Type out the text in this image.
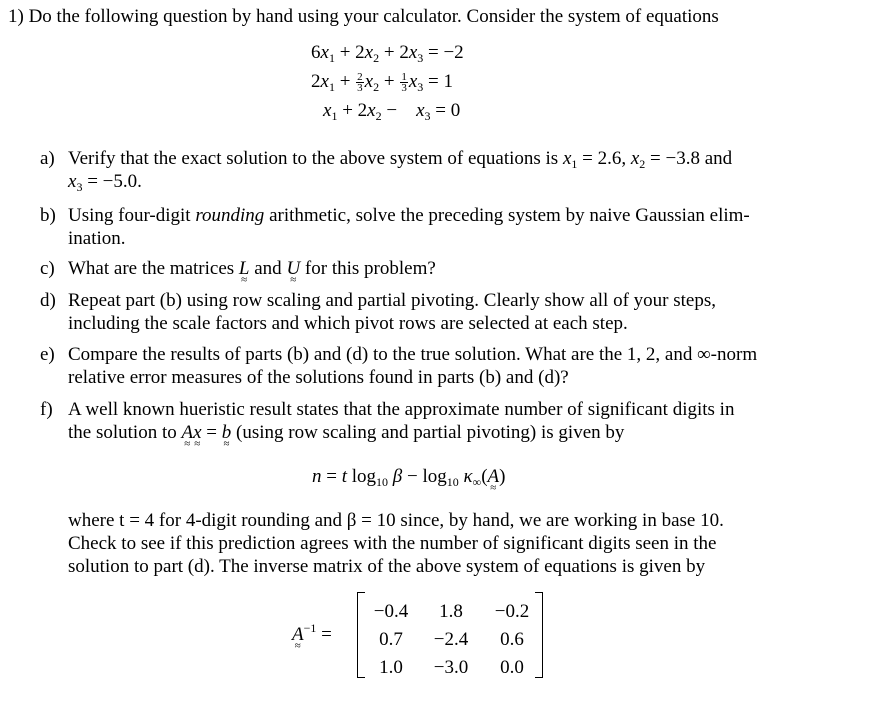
1) Do the following question by hand using your calculator. Consider the system of equations
$6x_1 + 2x_2 + 2x_3 = -2$
$2x_1 + \frac{2}{3} x_2 + \frac{1}{3} x_3 = 1$
$x_1 + 2x_2$ −    $x_3 = 0$
a) Verify that the exact solution to the above system of equations is $x_1 = 2.6$, $x_2 = -3.8$ and
$x_3 = -5.0$.
b) Using four-digit rounding arithmetic, solve the preceding system by naive Gaussian elim-
ination.
c) What are the matrices L ≈ and U ≈ for this problem?
d) Repeat part (b) using row scaling and partial pivoting. Clearly show all of your steps,
including the scale factors and which pivot rows are selected at each step.
e) Compare the results of parts (b) and (d) to the true solution. What are the 1, 2, and ∞-norm
relative error measures of the solutions found in parts (b) and (d)?
f) A well known hueristic result states that the approximate number of significant digits in
the solution to A ≈x ≈ = b ≈ (using row scaling and partial pivoting) is given by
n = t $\log_{10} \beta - \log_{10} \kappa_\infty(A$ ≈)
where t = 4 for 4-digit rounding and β = 10 since, by hand, we are working in base 10.
Check to see if this prediction agrees with the number of significant digits seen in the
solution to part (d). The inverse matrix of the above system of equations is given by
A ≈$^{-1}$ =
−0.4	1.8	−0.2
0.7	−2.4	0.6
1.0	−3.0	0.0
